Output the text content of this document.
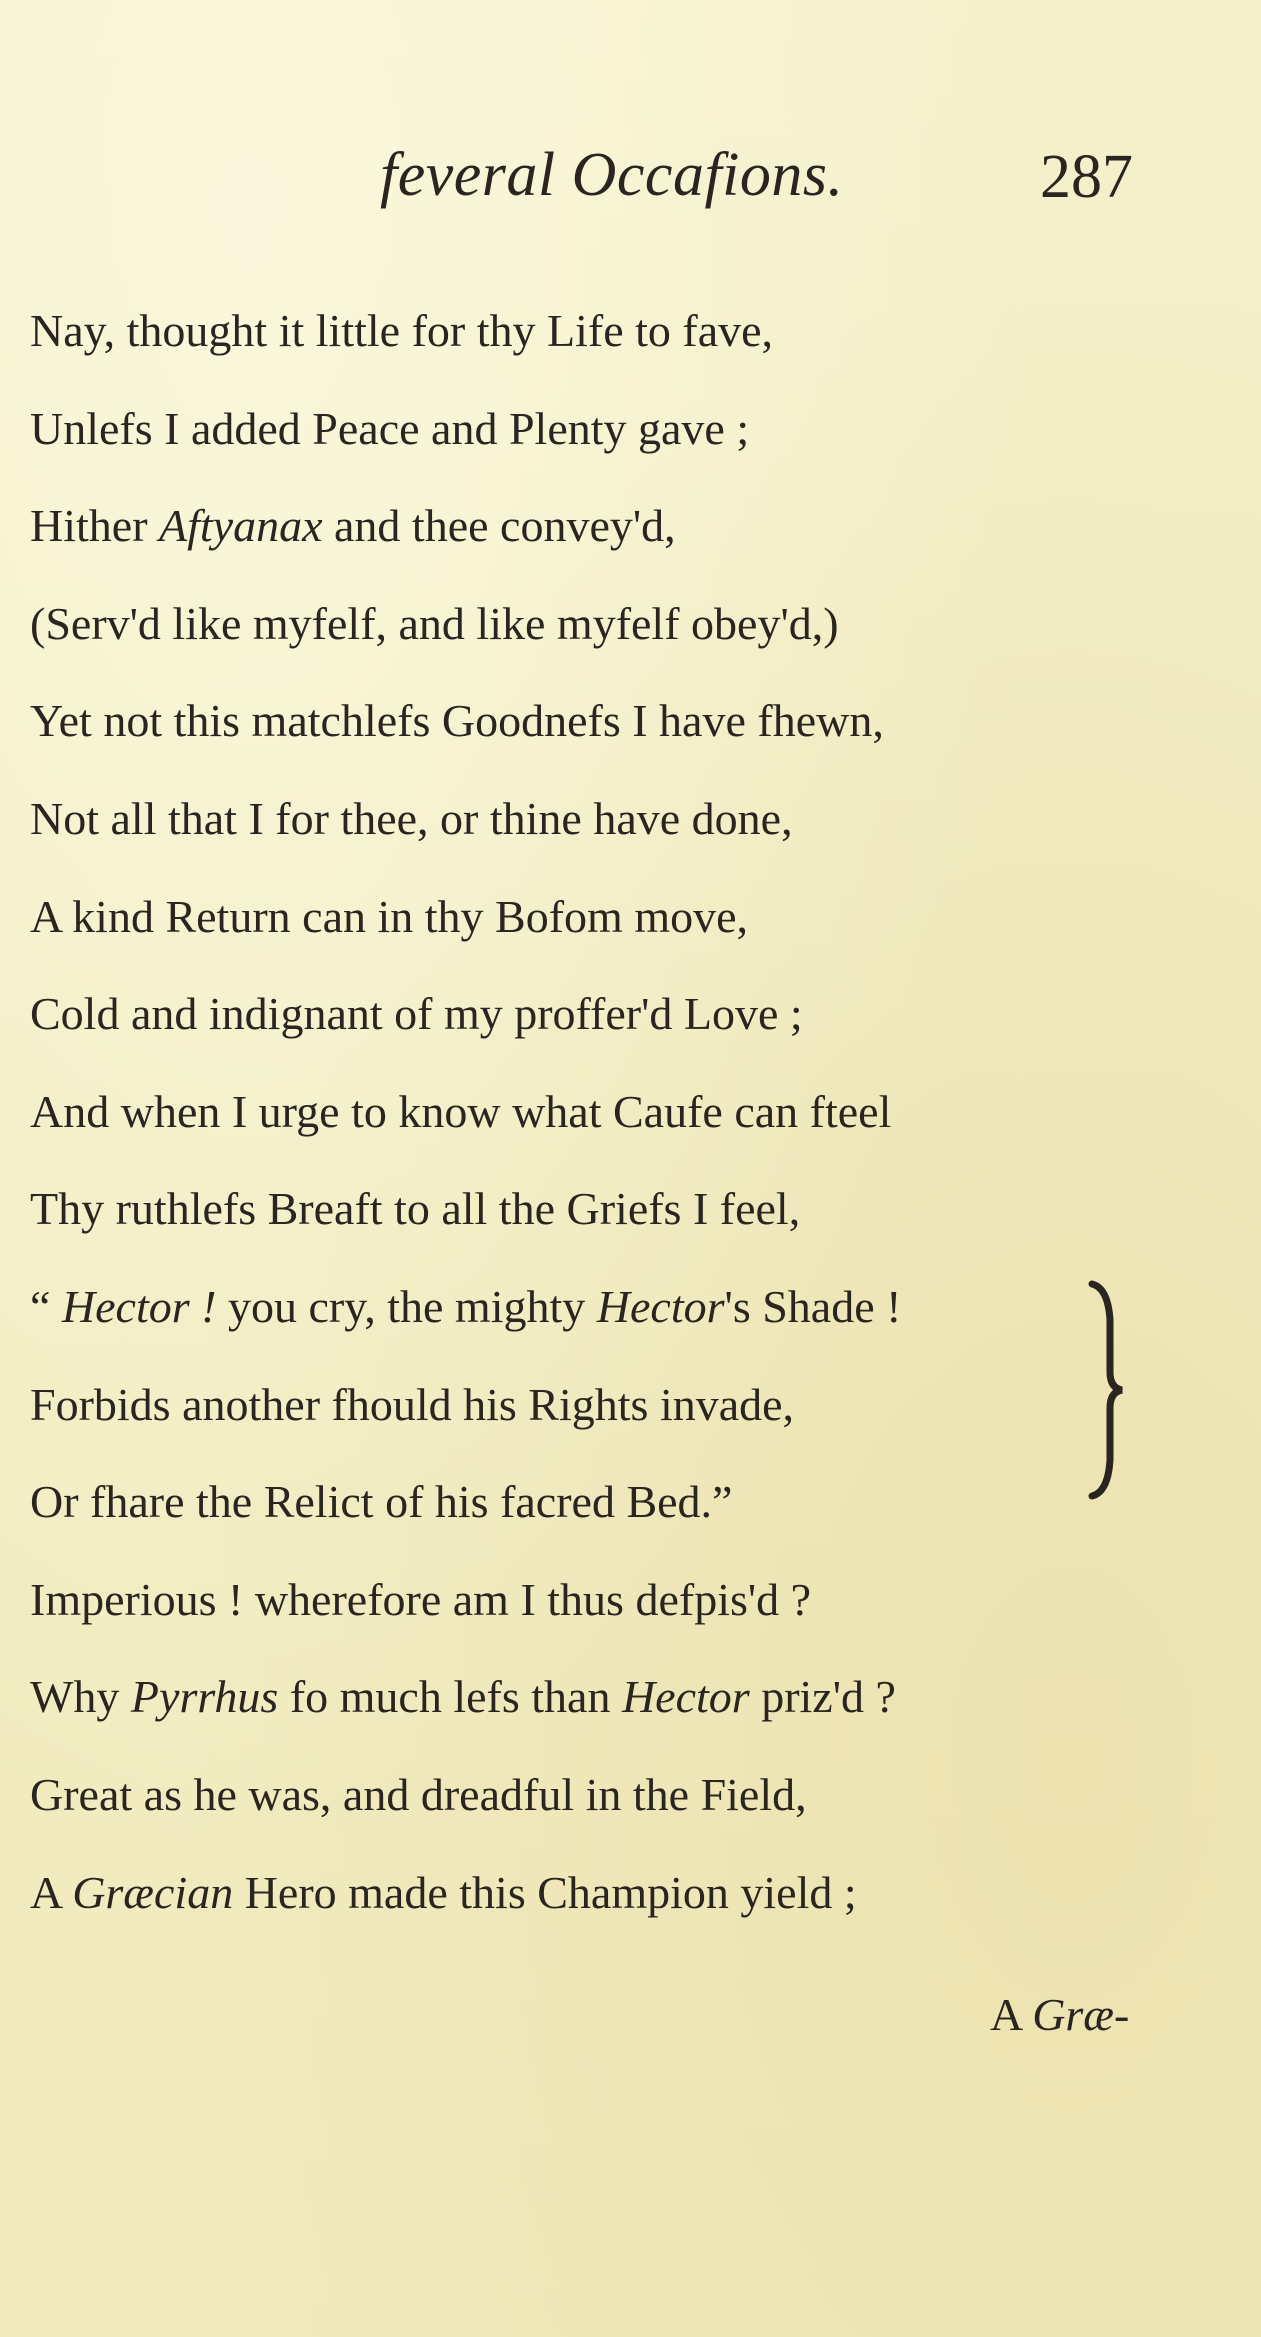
feveral Occafions.	287
Nay, thought it little for thy Life to fave,
Unlefs I added Peace and Plenty gave ;
Hither Aftyanax and thee convey'd,
(Serv'd like myfelf, and like myfelf obey'd,)
Yet not this matchlefs Goodnefs I have fhewn,
Not all that I for thee, or thine have done,
A kind Return can in thy Bofom move,
Cold and indignant of my proffer'd Love ;
And when I urge to know what Caufe can fteel
Thy ruthlefs Breaft to all the Griefs I feel,
“ Hector ! you cry, the mighty Hector's Shade !
Forbids another fhould his Rights invade,
Or fhare the Relict of his facred Bed.”
Imperious ! wherefore am I thus defpis'd ?
Why Pyrrhus fo much lefs than Hector priz'd ?
Great as he was, and dreadful in the Field,
A Græcian Hero made this Champion yield ;
A Græ-
